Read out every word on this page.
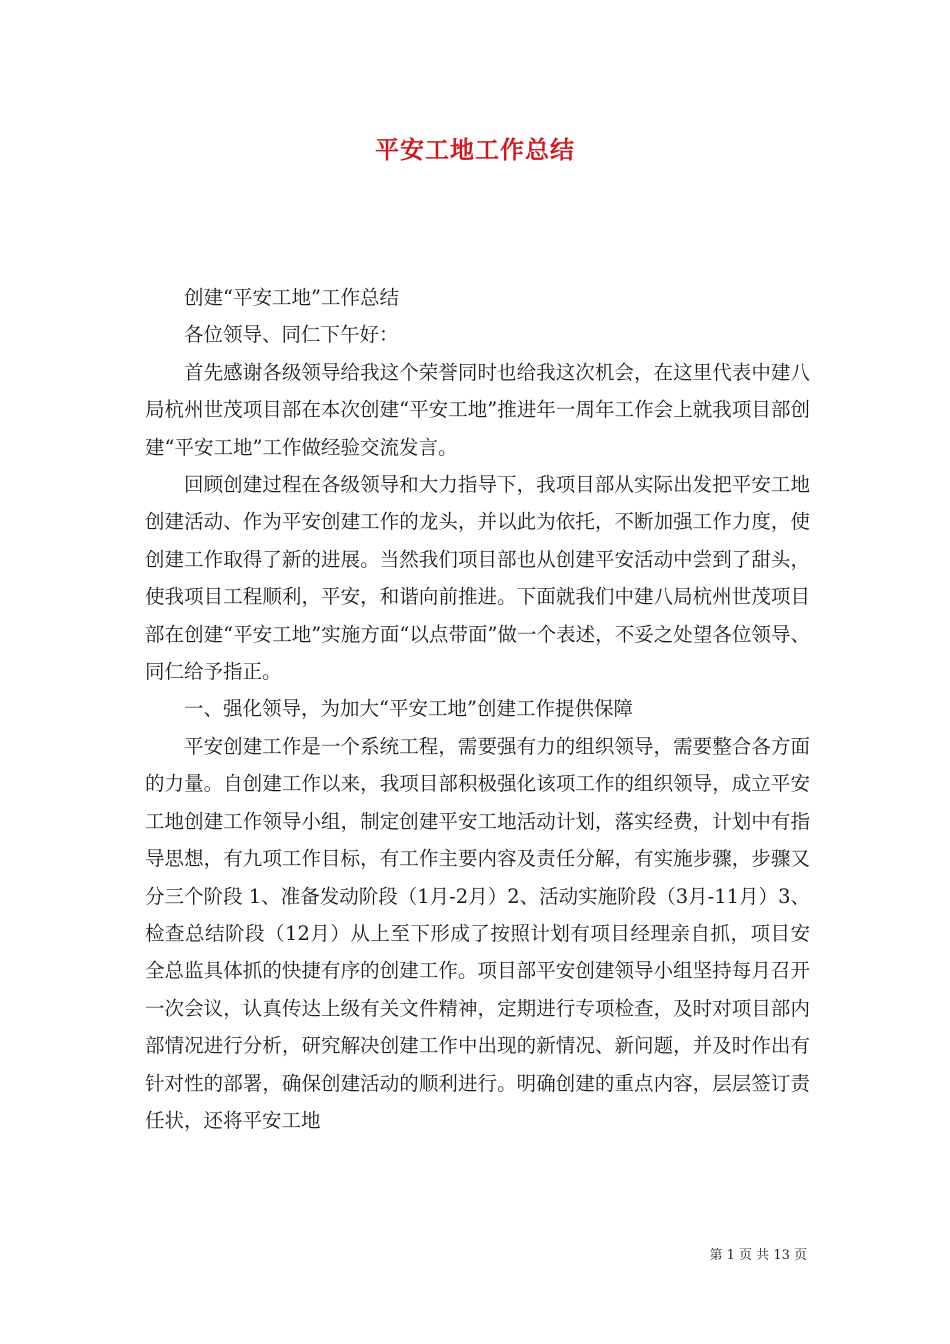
平安工地工作总结

创建“平安工地”工作总结

各位领导、同仁下午好：

首先感谢各级领导给我这个荣誉同时也给我这次机会，在这里代表中建八局杭州世茂项目部在本次创建“平安工地”推进年一周年工作会上就我项目部创建“平安工地”工作做经验交流发言。

回顾创建过程在各级领导和大力指导下，我项目部从实际出发把平安工地创建活动、作为平安创建工作的龙头，并以此为依托，不断加强工作力度，使创建工作取得了新的进展。当然我们项目部也从创建平安活动中尝到了甜头，使我项目工程顺利，平安，和谐向前推进。下面就我们中建八局杭州世茂项目部在创建“平安工地”实施方面“以点带面”做一个表述，不妥之处望各位领导、同仁给予指正。

一、强化领导，为加大“平安工地”创建工作提供保障

平安创建工作是一个系统工程，需要强有力的组织领导，需要整合各方面的力量。自创建工作以来，我项目部积极强化该项工作的组织领导，成立平安工地创建工作领导小组，制定创建平安工地活动计划，落实经费，计划中有指导思想，有九项工作目标，有工作主要内容及责任分解，有实施步骤，步骤又分三个阶段 1、准备发动阶段（1月-2月）2、活动实施阶段（3月-11月）3、检查总结阶段（12月）从上至下形成了按照计划有项目经理亲自抓，项目安全总监具体抓的快捷有序的创建工作。项目部平安创建领导小组坚持每月召开一次会议，认真传达上级有关文件精神，定期进行专项检查，及时对项目部内部情况进行分析，研究解决创建工作中出现的新情况、新问题，并及时作出有针对性的部署，确保创建活动的顺利进行。明确创建的重点内容，层层签订责任状，还将平安工地

第 1 页 共 13 页
